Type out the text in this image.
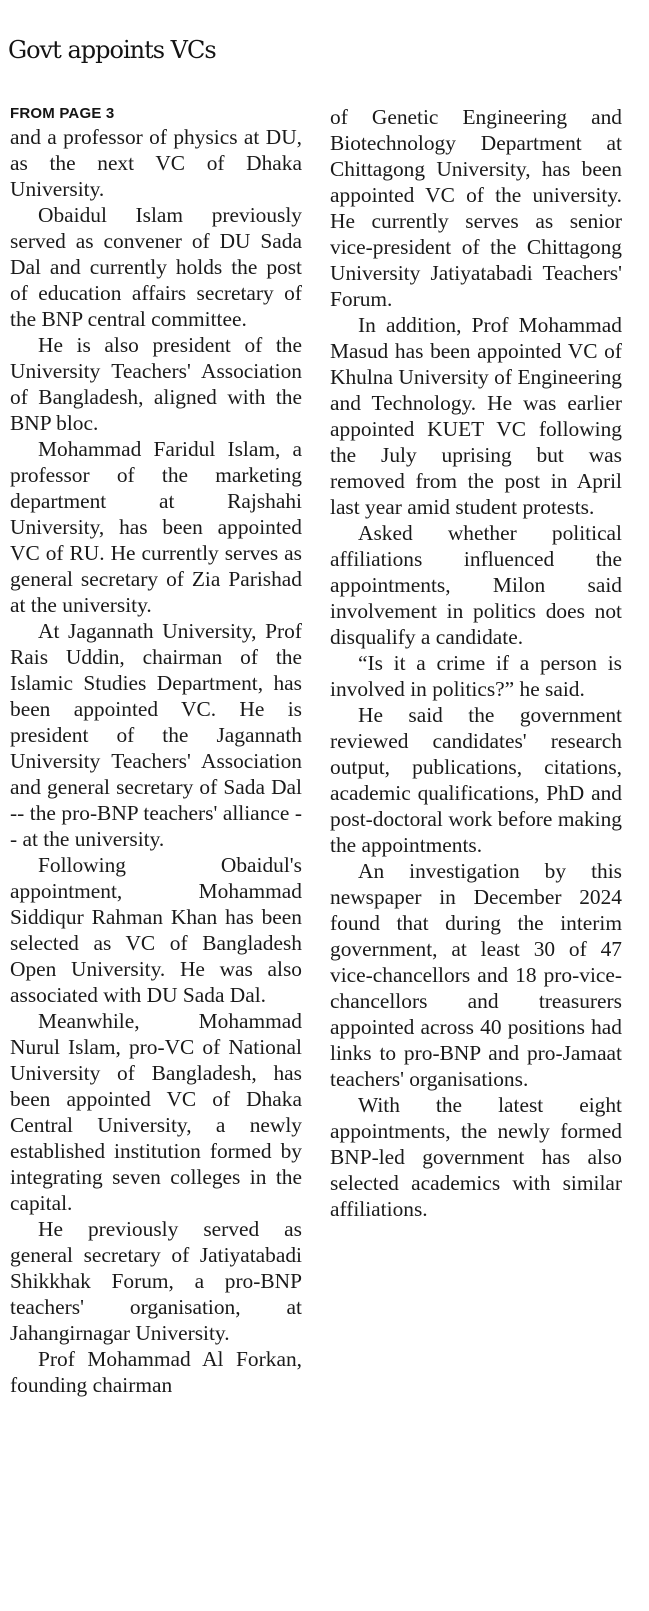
Govt appoints VCs
FROM PAGE 3

and a professor of physics at DU, as the next VC of Dhaka University.

Obaidul Islam previously served as convener of DU Sada Dal and currently holds the post of education affairs secretary of the BNP central committee.

He is also president of the University Teachers' Association of Bangladesh, aligned with the BNP bloc.

Mohammad Faridul Islam, a professor of the marketing department at Rajshahi University, has been appointed VC of RU. He currently serves as general secretary of Zia Parishad at the university.

At Jagannath University, Prof Rais Uddin, chairman of the Islamic Studies Department, has been appointed VC. He is president of the Jagannath University Teachers' Association and general secretary of Sada Dal -- the pro-BNP teachers' alliance -- at the university.

Following Obaidul's appointment, Mohammad Siddiqur Rahman Khan has been selected as VC of Bangladesh Open University. He was also associated with DU Sada Dal.

Meanwhile, Mohammad Nurul Islam, pro-VC of National University of Bangladesh, has been appointed VC of Dhaka Central University, a newly established institution formed by integrating seven colleges in the capital.

He previously served as general secretary of Jatiyatabadi Shikkhak Forum, a pro-BNP teachers' organisation, at Jahangirnagar University.

Prof Mohammad Al Forkan, founding chairman

of Genetic Engineering and Biotechnology Department at Chittagong University, has been appointed VC of the university. He currently serves as senior vice-president of the Chittagong University Jatiyatabadi Teachers' Forum.

In addition, Prof Mohammad Masud has been appointed VC of Khulna University of Engineering and Technology. He was earlier appointed KUET VC following the July uprising but was removed from the post in April last year amid student protests.

Asked whether political affiliations influenced the appointments, Milon said involvement in politics does not disqualify a candidate.

“Is it a crime if a person is involved in politics?” he said.

He said the government reviewed candidates' research output, publications, citations, academic qualifications, PhD and post-doctoral work before making the appointments.

An investigation by this newspaper in December 2024 found that during the interim government, at least 30 of 47 vice-chancellors and 18 pro-vice-chancellors and treasurers appointed across 40 positions had links to pro-BNP and pro-Jamaat teachers' organisations.

With the latest eight appointments, the newly formed BNP-led government has also selected academics with similar affiliations.
